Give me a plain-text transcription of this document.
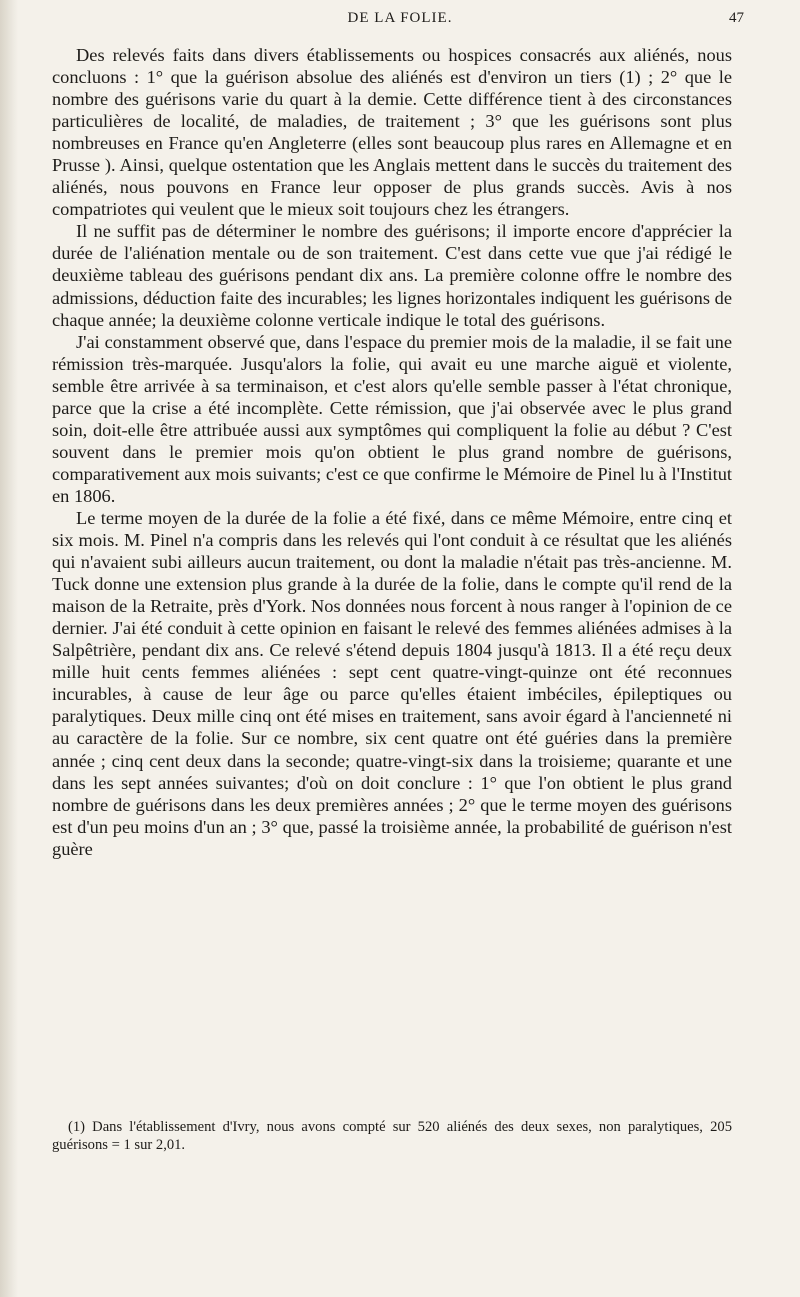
DE LA FOLIE.	47

Des relevés faits dans divers établissements ou hospices consacrés aux aliénés, nous concluons : 1° que la guérison absolue des aliénés est d'environ un tiers (1) ; 2° que le nombre des guérisons varie du quart à la demie. Cette différence tient à des circonstances particulières de localité, de maladies, de traitement ; 3° que les guérisons sont plus nombreuses en France qu'en Angleterre (elles sont beaucoup plus rares en Allemagne et en Prusse ). Ainsi, quelque ostentation que les Anglais mettent dans le succès du traitement des aliénés, nous pouvons en France leur opposer de plus grands succès. Avis à nos compatriotes qui veulent que le mieux soit toujours chez les étrangers.

Il ne suffit pas de déterminer le nombre des guérisons; il importe encore d'apprécier la durée de l'aliénation mentale ou de son traitement. C'est dans cette vue que j'ai rédigé le deuxième tableau des guérisons pendant dix ans. La première colonne offre le nombre des admissions, déduction faite des incurables; les lignes horizontales indiquent les guérisons de chaque année; la deuxième colonne verticale indique le total des guérisons.

J'ai constamment observé que, dans l'espace du premier mois de la maladie, il se fait une rémission très-marquée. Jusqu'alors la folie, qui avait eu une marche aiguë et violente, semble être arrivée à sa terminaison, et c'est alors qu'elle semble passer à l'état chronique, parce que la crise a été incomplète. Cette rémission, que j'ai observée avec le plus grand soin, doit-elle être attribuée aussi aux symptômes qui compliquent la folie au début ? C'est souvent dans le premier mois qu'on obtient le plus grand nombre de guérisons, comparativement aux mois suivants; c'est ce que confirme le Mémoire de Pinel lu à l'Institut en 1806.

Le terme moyen de la durée de la folie a été fixé, dans ce même Mémoire, entre cinq et six mois. M. Pinel n'a compris dans les relevés qui l'ont conduit à ce résultat que les aliénés qui n'avaient subi ailleurs aucun traitement, ou dont la maladie n'était pas très-ancienne. M. Tuck donne une extension plus grande à la durée de la folie, dans le compte qu'il rend de la maison de la Retraite, près d'York. Nos données nous forcent à nous ranger à l'opinion de ce dernier. J'ai été conduit à cette opinion en faisant le relevé des femmes aliénées admises à la Salpêtrière, pendant dix ans. Ce relevé s'étend depuis 1804 jusqu'à 1813. Il a été reçu deux mille huit cents femmes aliénées : sept cent quatre-vingt-quinze ont été reconnues incurables, à cause de leur âge ou parce qu'elles étaient imbéciles, épileptiques ou paralytiques. Deux mille cinq ont été mises en traitement, sans avoir égard à l'ancienneté ni au caractère de la folie. Sur ce nombre, six cent quatre ont été guéries dans la première année ; cinq cent deux dans la seconde; quatre-vingt-six dans la troisieme; quarante et une dans les sept années suivantes; d'où on doit conclure : 1° que l'on obtient le plus grand nombre de guérisons dans les deux premières années ; 2° que le terme moyen des guérisons est d'un peu moins d'un an ; 3° que, passé la troisième année, la probabilité de guérison n'est guère

(1) Dans l'établissement d'Ivry, nous avons compté sur 520 aliénés des deux sexes, non paralytiques, 205 guérisons = 1 sur 2,01.
